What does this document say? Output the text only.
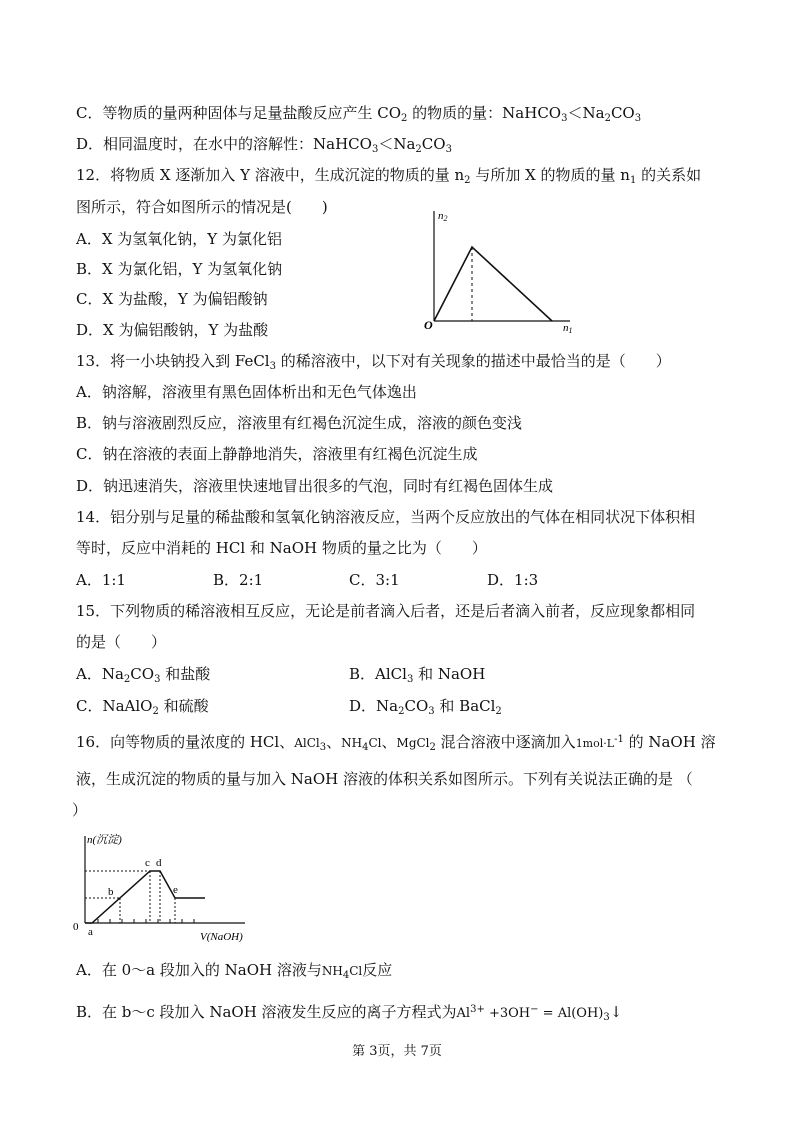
C．等物质的量两种固体与足量盐酸反应产生 $CO_2$ 的物质的量：$NaHCO_3<Na_2CO_3$
D．相同温度时，在水中的溶解性：$NaHCO_3<Na_2CO_3$
12．将物质 X 逐渐加入 Y 溶液中，生成沉淀的物质的量 $n_2$ 与所加 X 的物质的量 $n_1$ 的关系如
图所示，符合如图所示的情况是(　　)
A．X 为氢氧化钠，Y 为氯化铝
B．X 为氯化铝，Y 为氢氧化钠
C．X 为盐酸，Y 为偏铝酸钠
D．X 为偏铝酸钠，Y 为盐酸
n2
n1
O
13．将一小块钠投入到 FeCl$_3$ 的稀溶液中，以下对有关现象的描述中最恰当的是（　　）
A．钠溶解，溶液里有黑色固体析出和无色气体逸出
B．钠与溶液剧烈反应，溶液里有红褐色沉淀生成，溶液的颜色变浅
C．钠在溶液的表面上静静地消失，溶液里有红褐色沉淀生成
D．钠迅速消失，溶液里快速地冒出很多的气泡，同时有红褐色固体生成
14．铝分别与足量的稀盐酸和氢氧化钠溶液反应，当两个反应放出的气体在相同状况下体积相
等时，反应中消耗的 HCl 和 NaOH 物质的量之比为（　　）
A．1:1	B．2:1	C．3:1	D．1:3
15．下列物质的稀溶液相互反应，无论是前者滴入后者，还是后者滴入前者，反应现象都相同
的是（　　）
A．$Na_2CO_3$ 和盐酸	B．AlCl$_3$ 和 NaOH
C．NaAlO$_2$ 和硫酸	D．$Na_2CO_3$ 和 BaCl$_2$
16．向等物质的量浓度的 HCl、AlCl$_3$、$NH_4Cl$、MgCl$_2$ 混合溶液中逐滴加入$1mol\cdot L^{-1}$ 的 NaOH 溶
液，生成沉淀的物质的量与加入 NaOH 溶液的体积关系如图所示。下列有关说法正确的是 （
）
n(沉淀)
V(NaOH)
0 a
b
c d
e
A．在 0～a 段加入的 NaOH 溶液与$NH_4Cl$反应
B．在 b～c 段加入 NaOH 溶液发生反应的离子方程式为$Al^{3+} +3OH^-$ = $Al(OH)_3↓$
第 3页，共 7页
